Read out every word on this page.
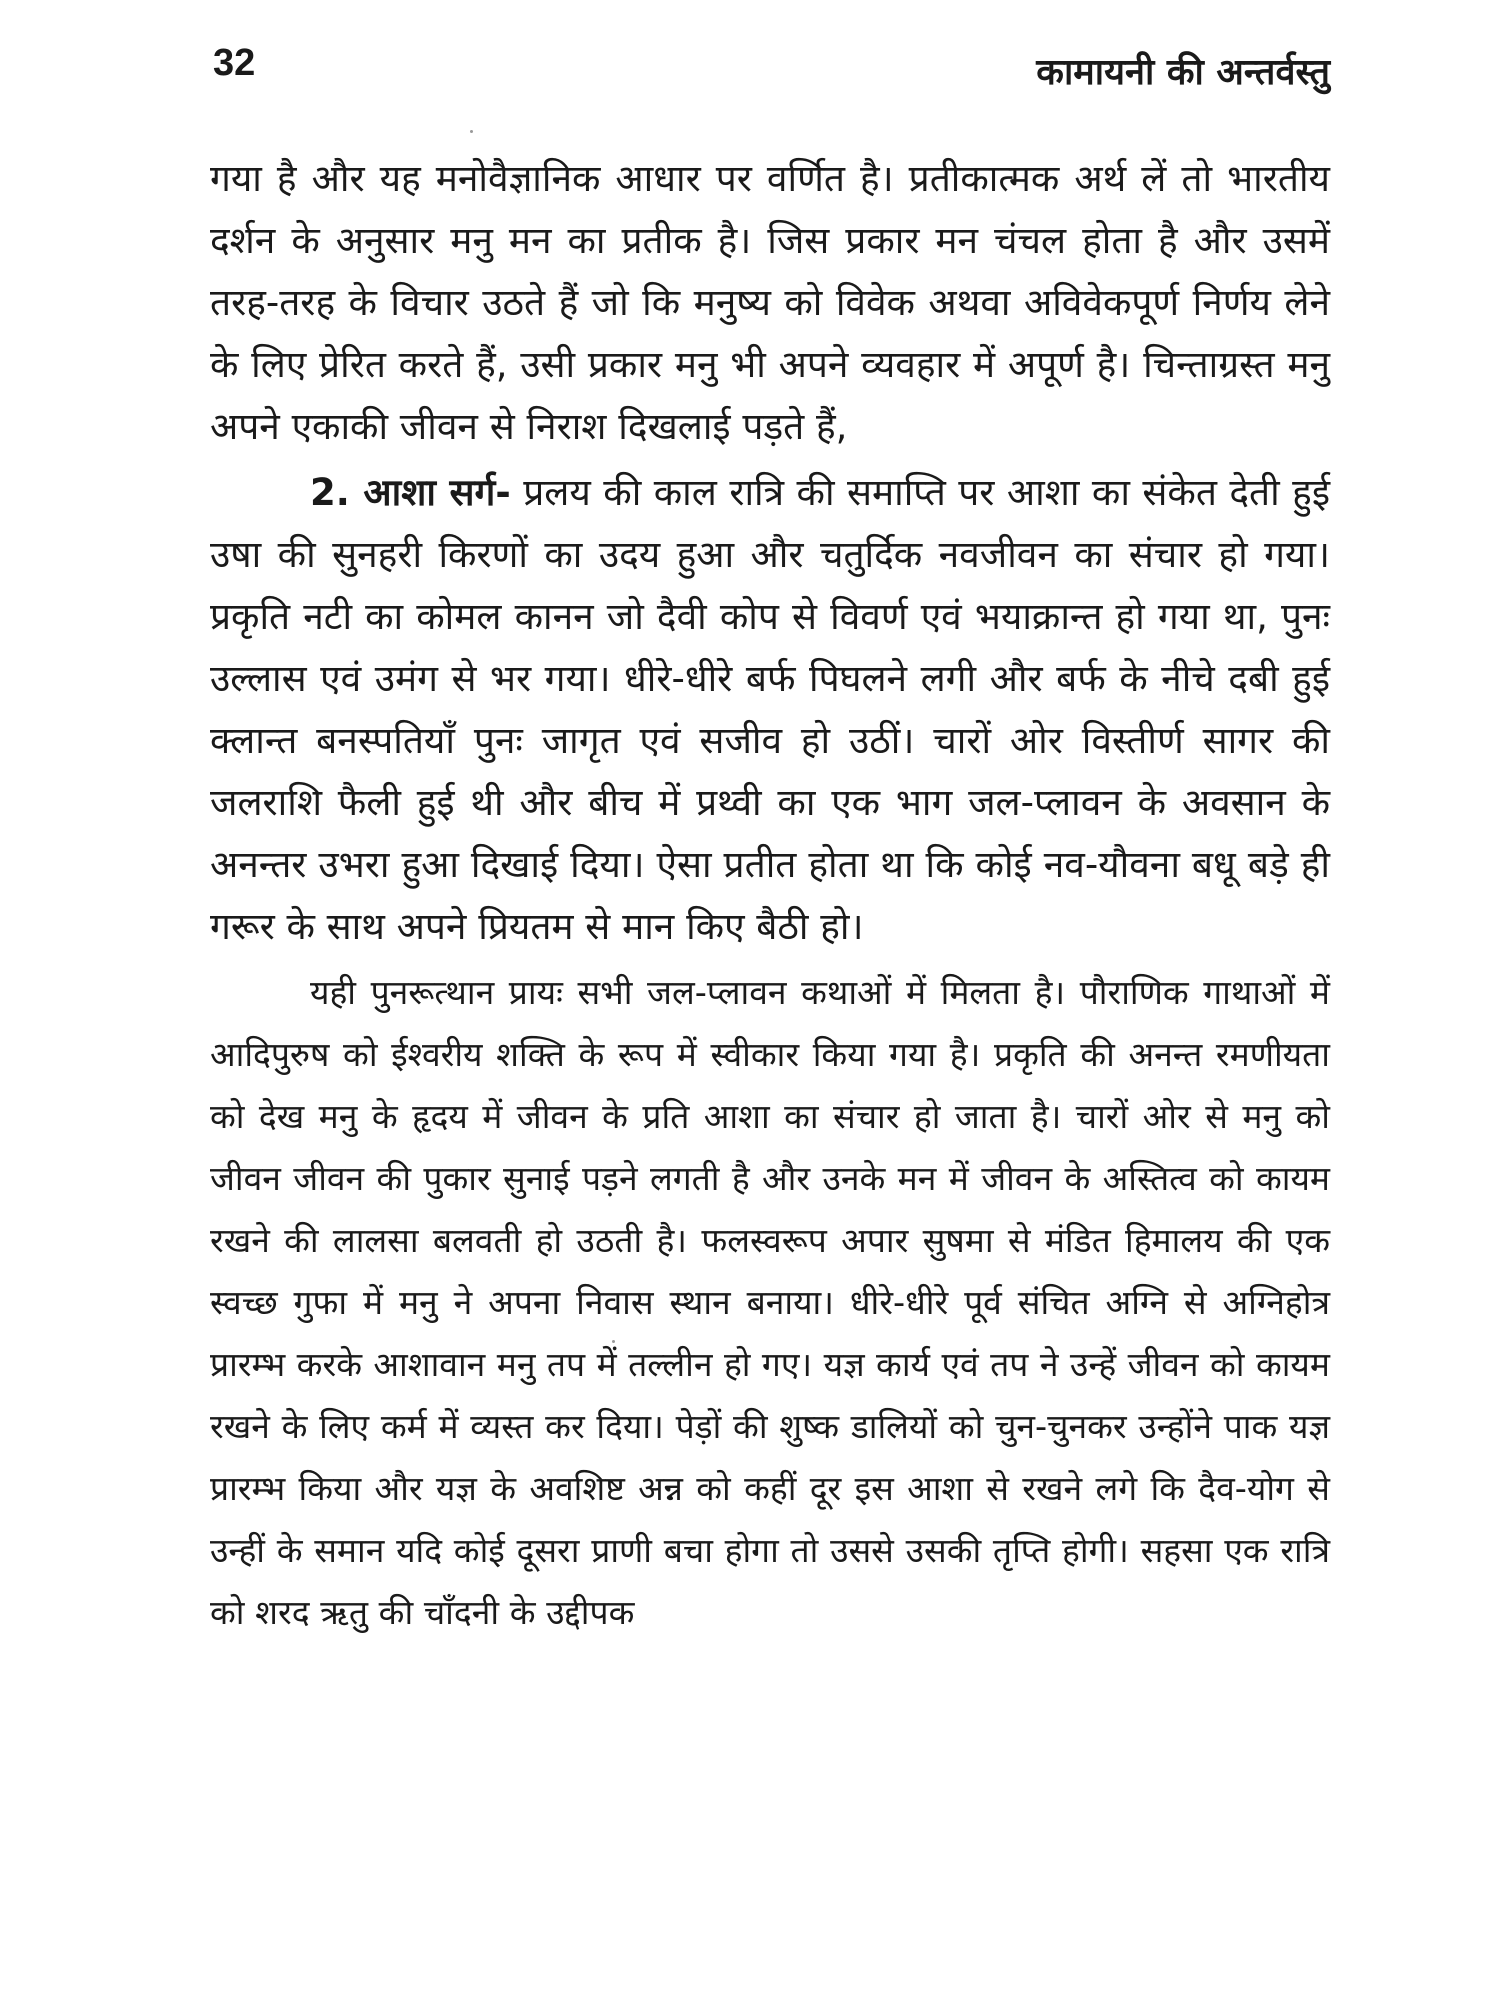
32	कामायनी की अन्तर्वस्तु

गया है और यह मनोवैज्ञानिक आधार पर वर्णित है। प्रतीकात्मक अर्थ लें तो भारतीय दर्शन के अनुसार मनु मन का प्रतीक है। जिस प्रकार मन चंचल होता है और उसमें तरह-तरह के विचार उठते हैं जो कि मनुष्य को विवेक अथवा अविवेकपूर्ण निर्णय लेने के लिए प्रेरित करते हैं, उसी प्रकार मनु भी अपने व्यवहार में अपूर्ण है। चिन्ताग्रस्त मनु अपने एकाकी जीवन से निराश दिखलाई पड़ते हैं,

2. आशा सर्ग- प्रलय की काल रात्रि की समाप्ति पर आशा का संकेत देती हुई उषा की सुनहरी किरणों का उदय हुआ और चतुर्दिक नवजीवन का संचार हो गया। प्रकृति नटी का कोमल कानन जो दैवी कोप से विवर्ण एवं भयाक्रान्त हो गया था, पुनः उल्लास एवं उमंग से भर गया। धीरे-धीरे बर्फ पिघलने लगी और बर्फ के नीचे दबी हुई क्लान्त बनस्पतियाँ पुनः जागृत एवं सजीव हो उठीं। चारों ओर विस्तीर्ण सागर की जलराशि फैली हुई थी और बीच में प्रथ्वी का एक भाग जल-प्लावन के अवसान के अनन्तर उभरा हुआ दिखाई दिया। ऐसा प्रतीत होता था कि कोई नव-यौवना बधू बड़े ही गरूर के साथ अपने प्रियतम से मान किए बैठी हो।

यही पुनरूत्थान प्रायः सभी जल-प्लावन कथाओं में मिलता है। पौराणिक गाथाओं में आदिपुरुष को ईश्वरीय शक्ति के रूप में स्वीकार किया गया है। प्रकृति की अनन्त रमणीयता को देख मनु के हृदय में जीवन के प्रति आशा का संचार हो जाता है। चारों ओर से मनु को जीवन जीवन की पुकार सुनाई पड़ने लगती है और उनके मन में जीवन के अस्तित्व को कायम रखने की लालसा बलवती हो उठती है। फलस्वरूप अपार सुषमा से मंडित हिमालय की एक स्वच्छ गुफा में मनु ने अपना निवास स्थान बनाया। धीरे-धीरे पूर्व संचित अग्नि से अग्निहोत्र प्रारम्भ करके आशावान मनु तप में तल्लीन हो गए। यज्ञ कार्य एवं तप ने उन्हें जीवन को कायम रखने के लिए कर्म में व्यस्त कर दिया। पेड़ों की शुष्क डालियों को चुन-चुनकर उन्होंने पाक यज्ञ प्रारम्भ किया और यज्ञ के अवशिष्ट अन्न को कहीं दूर इस आशा से रखने लगे कि दैव-योग से उन्हीं के समान यदि कोई दूसरा प्राणी बचा होगा तो उससे उसकी तृप्ति होगी। सहसा एक रात्रि को शरद ऋतु की चाँदनी के उद्दीपक
